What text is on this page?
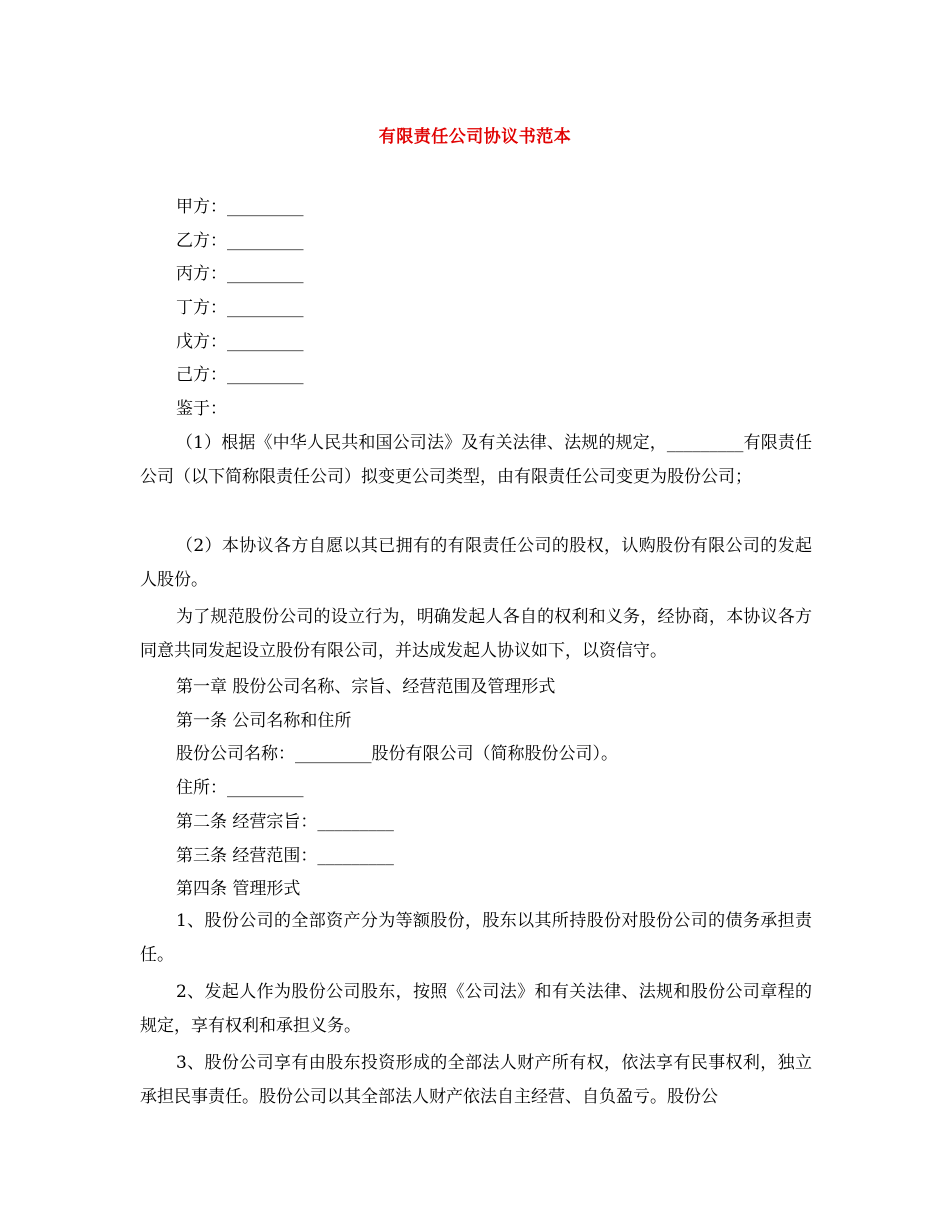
有限责任公司协议书范本
甲方：_________
乙方：_________
丙方：_________
丁方：_________
戊方：_________
己方：_________
鉴于：
（1）根据《中华人民共和国公司法》及有关法律、法规的规定，_________有限责任公司（以下简称限责任公司）拟变更公司类型，由有限责任公司变更为股份公司；
（2）本协议各方自愿以其已拥有的有限责任公司的股权，认购股份有限公司的发起人股份。
为了规范股份公司的设立行为，明确发起人各自的权利和义务，经协商，本协议各方同意共同发起设立股份有限公司，并达成发起人协议如下，以资信守。
第一章 股份公司名称、宗旨、经营范围及管理形式
第一条 公司名称和住所
股份公司名称：_________股份有限公司（简称股份公司）。
住所：_________
第二条 经营宗旨：_________
第三条 经营范围：_________
第四条 管理形式
1、股份公司的全部资产分为等额股份，股东以其所持股份对股份公司的债务承担责任。
2、发起人作为股份公司股东，按照《公司法》和有关法律、法规和股份公司章程的规定，享有权利和承担义务。
3、股份公司享有由股东投资形成的全部法人财产所有权，依法享有民事权利，独立承担民事责任。股份公司以其全部法人财产依法自主经营、自负盈亏。股份公
